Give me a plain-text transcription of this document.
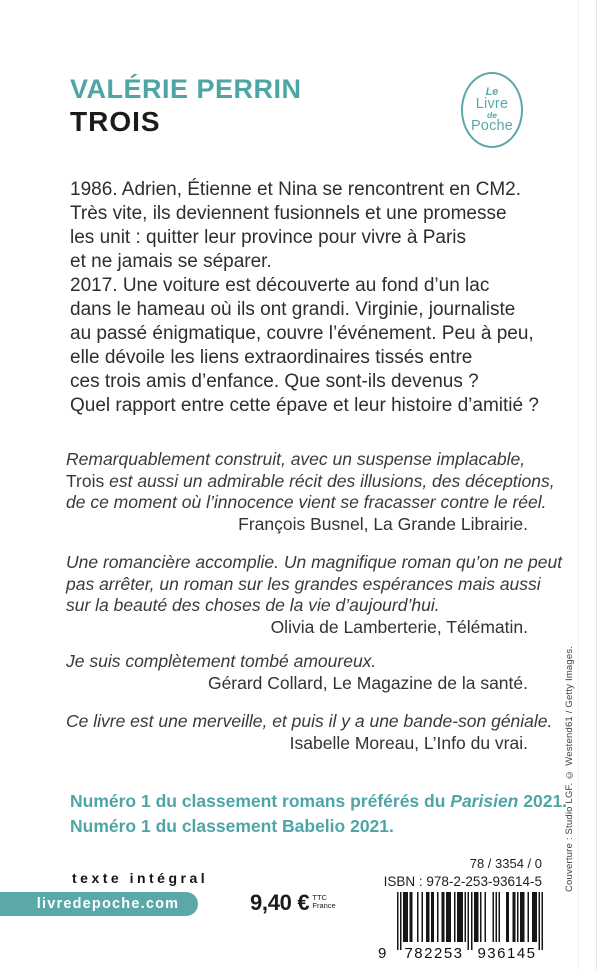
VALÉRIE PERRIN
TROIS
Le
Livre
de
Poche
1986. Adrien, Étienne et Nina se rencontrent en CM2.
Très vite, ils deviennent fusionnels et une promesse
les unit : quitter leur province pour vivre à Paris
et ne jamais se séparer.
2017. Une voiture est découverte au fond d’un lac
dans le hameau où ils ont grandi. Virginie, journaliste
au passé énigmatique, couvre l’événement. Peu à peu,
elle dévoile les liens extraordinaires tissés entre
ces trois amis d’enfance. Que sont-ils devenus ?
Quel rapport entre cette épave et leur histoire d’amitié ?
Remarquablement construit, avec un suspense implacable,
Trois est aussi un admirable récit des illusions, des déceptions,
de ce moment où l’innocence vient se fracasser contre le réel.
François Busnel, La Grande Librairie.
Une romancière accomplie. Un magnifique roman qu’on ne peut
pas arrêter, un roman sur les grandes espérances mais aussi
sur la beauté des choses de la vie d’aujourd’hui.
Olivia de Lamberterie, Télématin.
Je suis complètement tombé amoureux.
Gérard Collard, Le Magazine de la santé.
Ce livre est une merveille, et puis il y a une bande-son géniale.
Isabelle Moreau, L’Info du vrai.
Numéro 1 du classement romans préférés du Parisien 2021.
Numéro 1 du classement Babelio 2021.
texte intégral
livredepoche.com	9,40 € TTC
France
78 / 3354 / 0
ISBN : 978-2-253-93614-5
9 782253 936145
Couverture : Studio LGF. © Westend61 / Getty Images.
